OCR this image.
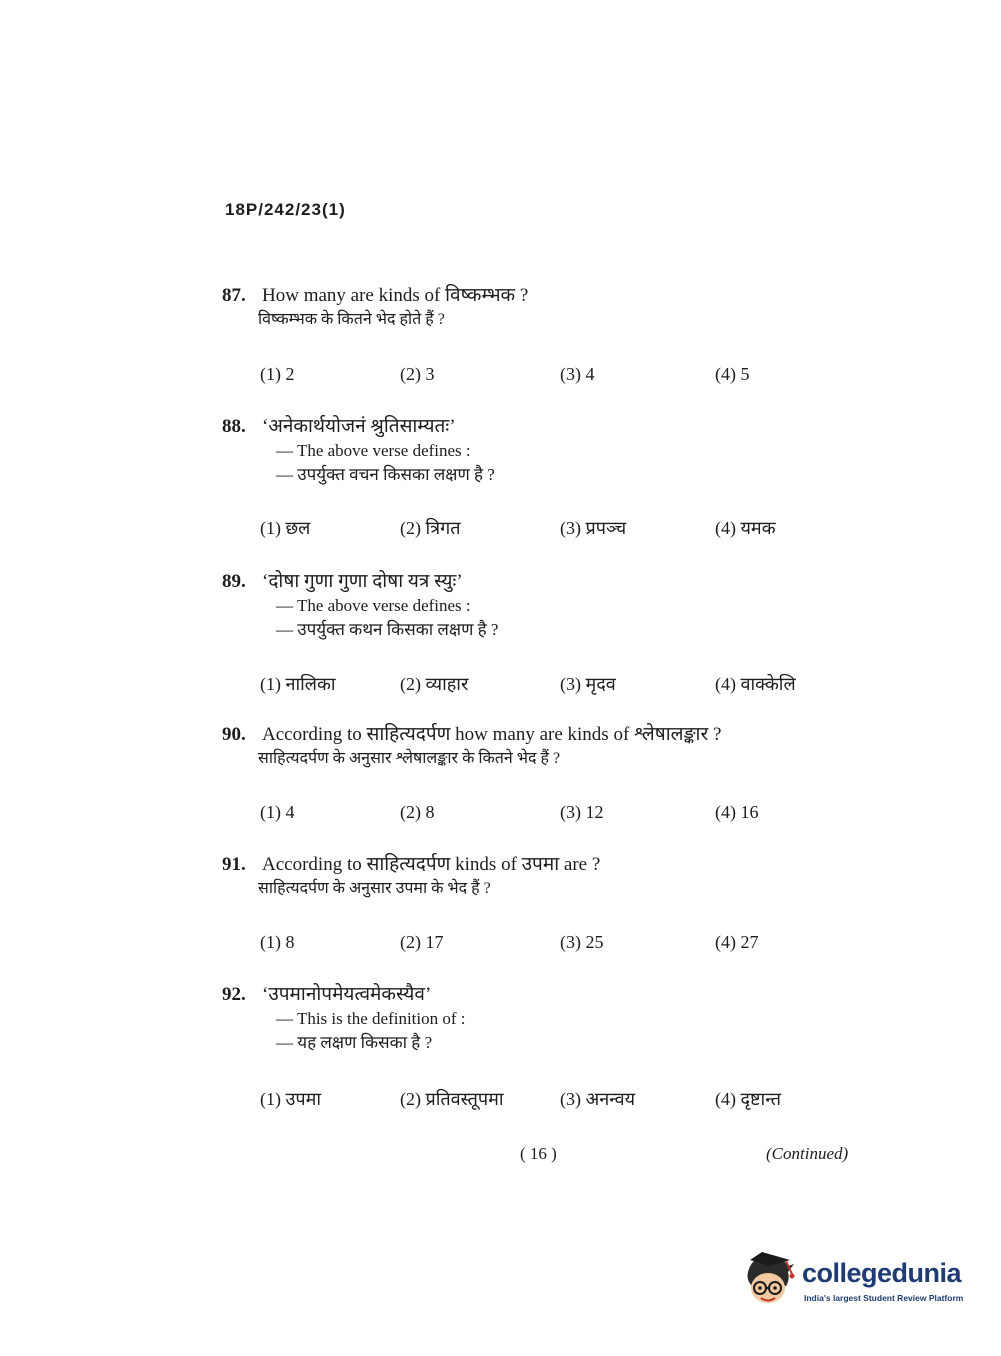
18P/242/23(1)
87. How many are kinds of विष्कम्भक ?
विष्कम्भक के कितने भेद होते हैं ?
(1) 2	(2) 3	(3) 4	(4) 5
88. ‘अनेकार्थयोजनं श्रुतिसाम्यतः’
— The above verse defines :
— उपर्युक्त वचन किसका लक्षण है ?
(1) छल	(2) त्रिगत	(3) प्रपञ्च	(4) यमक
89. ‘दोषा गुणा गुणा दोषा यत्र स्युः’
— The above verse defines :
— उपर्युक्त कथन किसका लक्षण है ?
(1) नालिका	(2) व्याहार	(3) मृदव	(4) वाक्केलि
90. According to साहित्यदर्पण how many are kinds of श्लेषालङ्कार ?
साहित्यदर्पण के अनुसार श्लेषालङ्कार के कितने भेद हैं ?
(1) 4	(2) 8	(3) 12	(4) 16
91. According to साहित्यदर्पण kinds of उपमा are ?
साहित्यदर्पण के अनुसार उपमा के भेद हैं ?
(1) 8	(2) 17	(3) 25	(4) 27
92. ‘उपमानोपमेयत्वमेकस्यैव’
— This is the definition of :
— यह लक्षण किसका है ?
(1) उपमा	(2) प्रतिवस्तूपमा	(3) अनन्वय	(4) दृष्टान्त
( 16 )	(Continued)
collegedunia
India's largest Student Review Platform
